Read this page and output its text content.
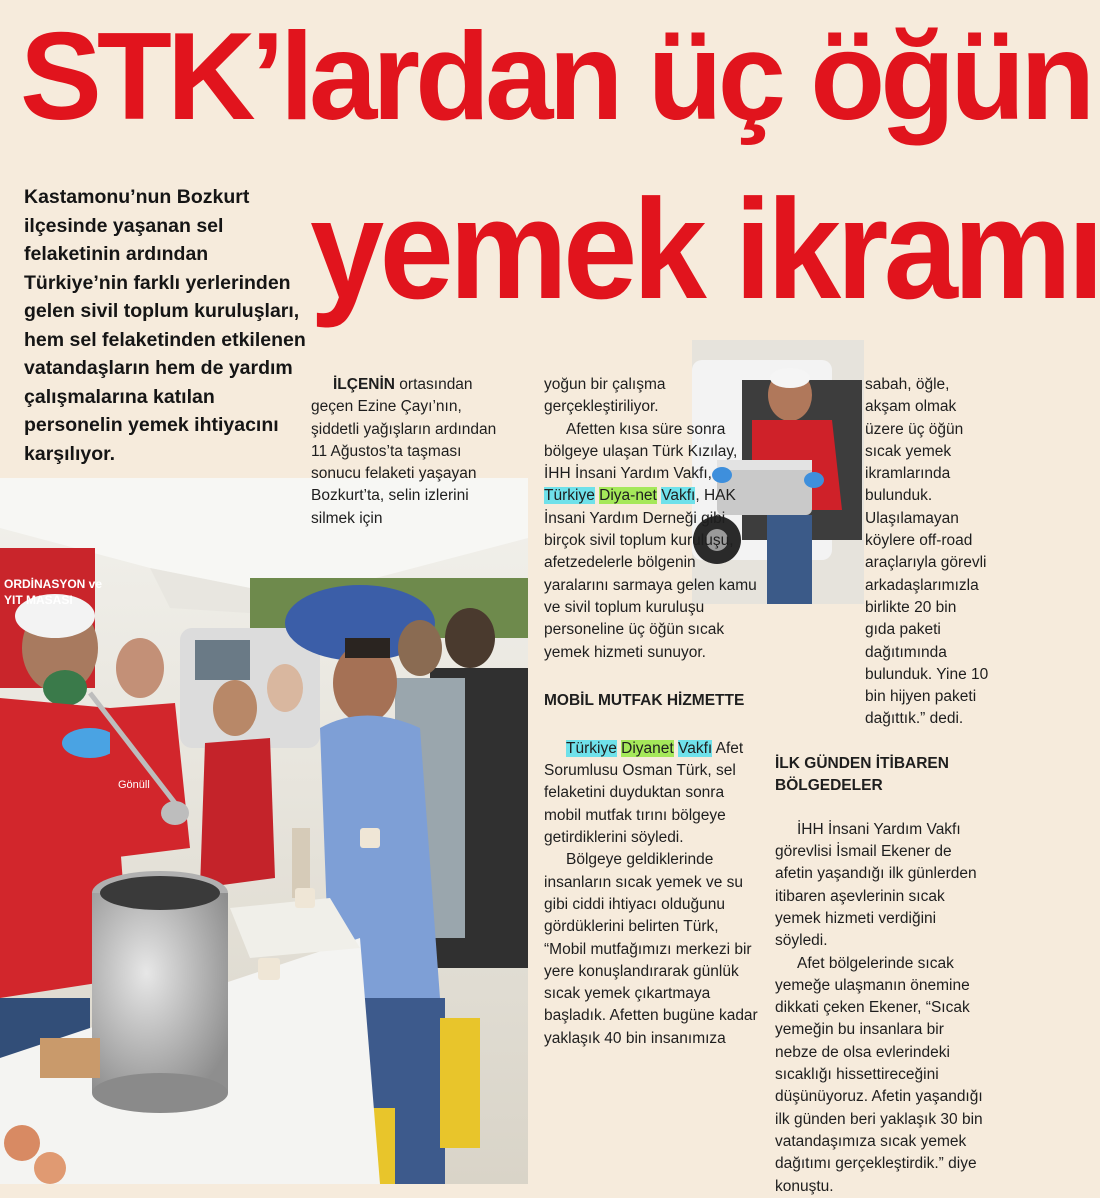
STK’lardan üç öğün
yemek ikramı
Kastamonu’nun Bozkurt ilçesinde yaşanan sel felaketinin ardından Türkiye’nin farklı yerlerinden gelen sivil toplum kuruluşları, hem sel felaketinden etkilenen vatandaşların hem de yardım çalışmalarına katılan personelin yemek ihtiyacını karşılıyor.
ORDİNASYON ve
YIT MASASI
Gönüll

İLÇENİN ortasından geçen Ezine Çayı’nın, şiddetli yağışların ardından 11 Ağustos’ta taşması sonucu felaketi yaşayan Bozkurt’ta, selin izlerini silmek için

yoğun bir çalışma gerçekleştiriliyor.

Afetten kısa süre sonra bölgeye ulaşan Türk Kızılay, İHH İnsani Yardım Vakfı, Türkiye Diya-net Vakfı, HAK İnsani Yardım Derneği gibi birçok sivil toplum kuruluşu, afetzedelerle bölgenin yaralarını sarmaya gelen kamu ve sivil toplum kuruluşu personeline üç öğün sıcak yemek hizmeti sunuyor.

MOBİL MUTFAK HİZMETTE

Türkiye Diyanet Vakfı Afet Sorumlusu Osman Türk, sel felaketini duyduktan sonra mobil mutfak tırını bölgeye getirdiklerini söyledi.

Bölgeye geldiklerinde insanların sıcak yemek ve su gibi ciddi ihtiyacı olduğunu gördüklerini belirten Türk, “Mobil mutfağımızı merkezi bir yere konuşlandırarak günlük sıcak yemek çıkartmaya başladık. Afetten bugüne kadar yaklaşık 40 bin insanımıza

sabah, öğle, akşam olmak üzere üç öğün sıcak yemek ikramlarında bulunduk. Ulaşılamayan köylere off-road araçlarıyla görevli arkadaşlarımızla birlikte 20 bin gıda paketi dağıtımında bulunduk. Yine 10 bin hijyen paketi dağıttık.” dedi.

İLK GÜNDEN İTİBAREN BÖLGEDELER

İHH İnsani Yardım Vakfı görevlisi İsmail Ekener de afetin yaşandığı ilk günlerden itibaren aşevlerinin sıcak yemek hizmeti verdiğini söyledi.

Afet bölgelerinde sıcak yemeğe ulaşmanın önemine dikkati çeken Ekener, “Sıcak yemeğin bu insanlara bir nebze de olsa evlerindeki sıcaklığı hissettireceğini düşünüyoruz. Afetin yaşandığı ilk günden beri yaklaşık 30 bin vatandaşımıza sıcak yemek dağıtımı gerçekleştirdik.” diye konuştu.
